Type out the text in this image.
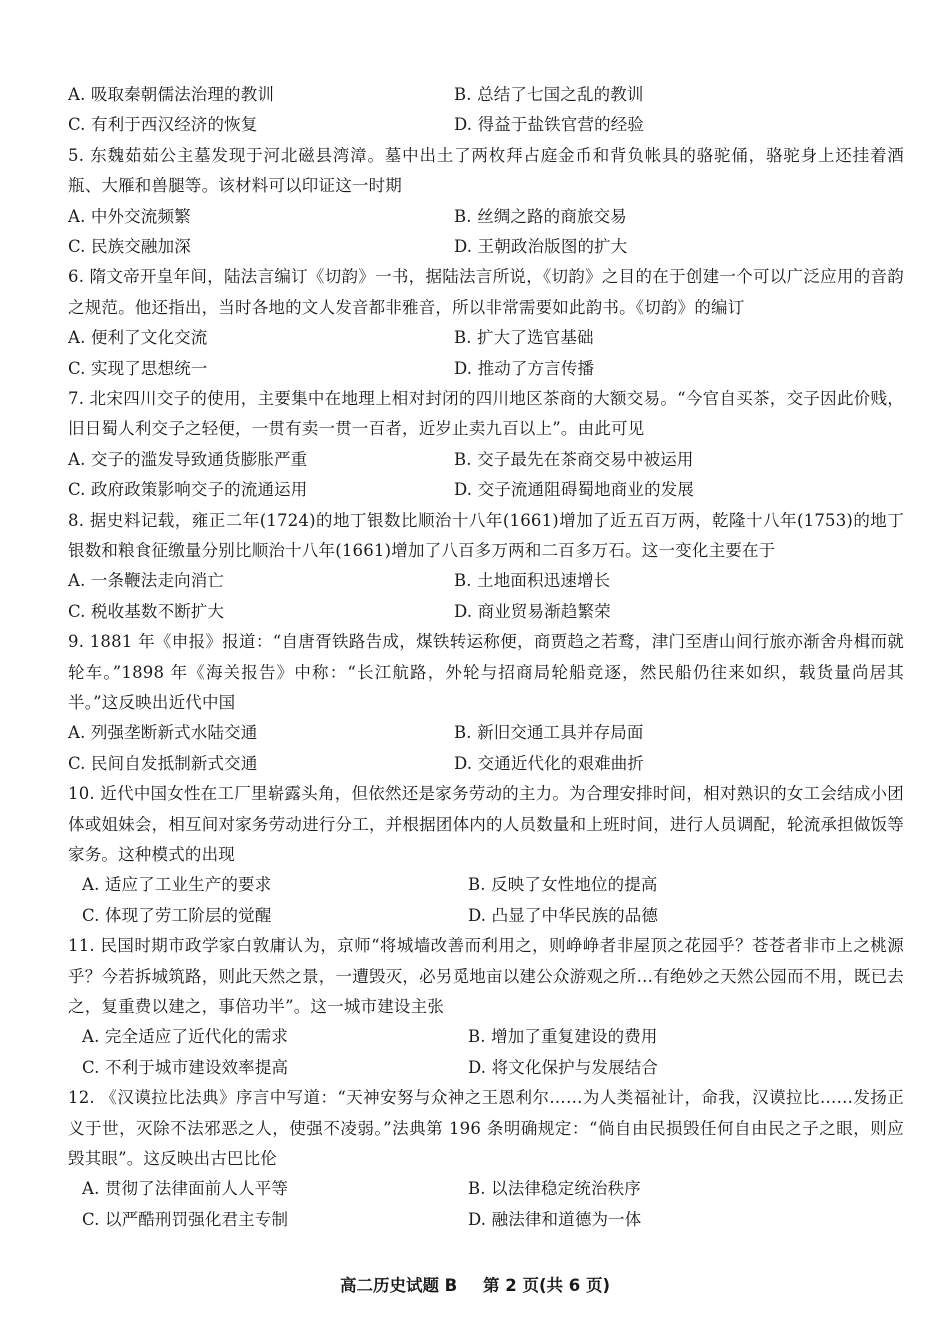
A. 吸取秦朝儒法治理的教训	B. 总结了七国之乱的教训
C. 有利于西汉经济的恢复	D. 得益于盐铁官营的经验
5. 东魏茹茹公主墓发现于河北磁县湾漳。墓中出土了两枚拜占庭金币和背负帐具的骆驼俑，骆驼身上还挂着酒瓶、大雁和兽腿等。该材料可以印证这一时期
A. 中外交流频繁	B. 丝绸之路的商旅交易
C. 民族交融加深	D. 王朝政治版图的扩大
6. 隋文帝开皇年间，陆法言编订《切韵》一书，据陆法言所说，《切韵》之目的在于创建一个可以广泛应用的音韵之规范。他还指出，当时各地的文人发音都非雅音，所以非常需要如此韵书。《切韵》的编订
A. 便利了文化交流	B. 扩大了选官基础
C. 实现了思想统一	D. 推动了方言传播
7. 北宋四川交子的使用，主要集中在地理上相对封闭的四川地区茶商的大额交易。“今官自买茶，交子因此价贱，旧日蜀人利交子之轻便，一贯有卖一贯一百者，近岁止卖九百以上”。由此可见
A. 交子的滥发导致通货膨胀严重	B. 交子最先在茶商交易中被运用
C. 政府政策影响交子的流通运用	D. 交子流通阻碍蜀地商业的发展
8. 据史料记载，雍正二年(1724)的地丁银数比顺治十八年(1661)增加了近五百万两，乾隆十八年(1753)的地丁银数和粮食征缴量分别比顺治十八年(1661)增加了八百多万两和二百多万石。这一变化主要在于
A. 一条鞭法走向消亡	B. 土地面积迅速增长
C. 税收基数不断扩大	D. 商业贸易渐趋繁荣
9. 1881 年《申报》报道：“自唐胥铁路告成，煤铁转运称便，商贾趋之若鹜，津门至唐山间行旅亦渐舍舟楫而就轮车。”1898 年《海关报告》中称：“长江航路，外轮与招商局轮船竞逐，然民船仍往来如织，载货量尚居其半。”这反映出近代中国
A. 列强垄断新式水陆交通	B. 新旧交通工具并存局面
C. 民间自发抵制新式交通	D. 交通近代化的艰难曲折
10. 近代中国女性在工厂里崭露头角，但依然还是家务劳动的主力。为合理安排时间，相对熟识的女工会结成小团体或姐妹会，相互间对家务劳动进行分工，并根据团体内的人员数量和上班时间，进行人员调配，轮流承担做饭等家务。这种模式的出现
A. 适应了工业生产的要求	B. 反映了女性地位的提高
C. 体现了劳工阶层的觉醒	D. 凸显了中华民族的品德
11. 民国时期市政学家白敦庸认为，京师“将城墙改善而利用之，则峥峥者非屋顶之花园乎？苍苍者非市上之桃源乎？今若拆城筑路，则此天然之景，一遭毁灭，必另觅地亩以建公众游观之所…有绝妙之天然公园而不用，既已去之，复重费以建之，事倍功半”。这一城市建设主张
A. 完全适应了近代化的需求	B. 增加了重复建设的费用
C. 不利于城市建设效率提高	D. 将文化保护与发展结合
12. 《汉谟拉比法典》序言中写道：“天神安努与众神之王恩利尔……为人类福祉计，命我，汉谟拉比……发扬正义于世，灭除不法邪恶之人，使强不凌弱。”法典第 196 条明确规定：“倘自由民损毁任何自由民之子之眼，则应毁其眼”。这反映出古巴比伦
A. 贯彻了法律面前人人平等	B. 以法律稳定统治秩序
C. 以严酷刑罚强化君主专制	D. 融法律和道德为一体
高二历史试题 B 第 2 页(共 6 页)
